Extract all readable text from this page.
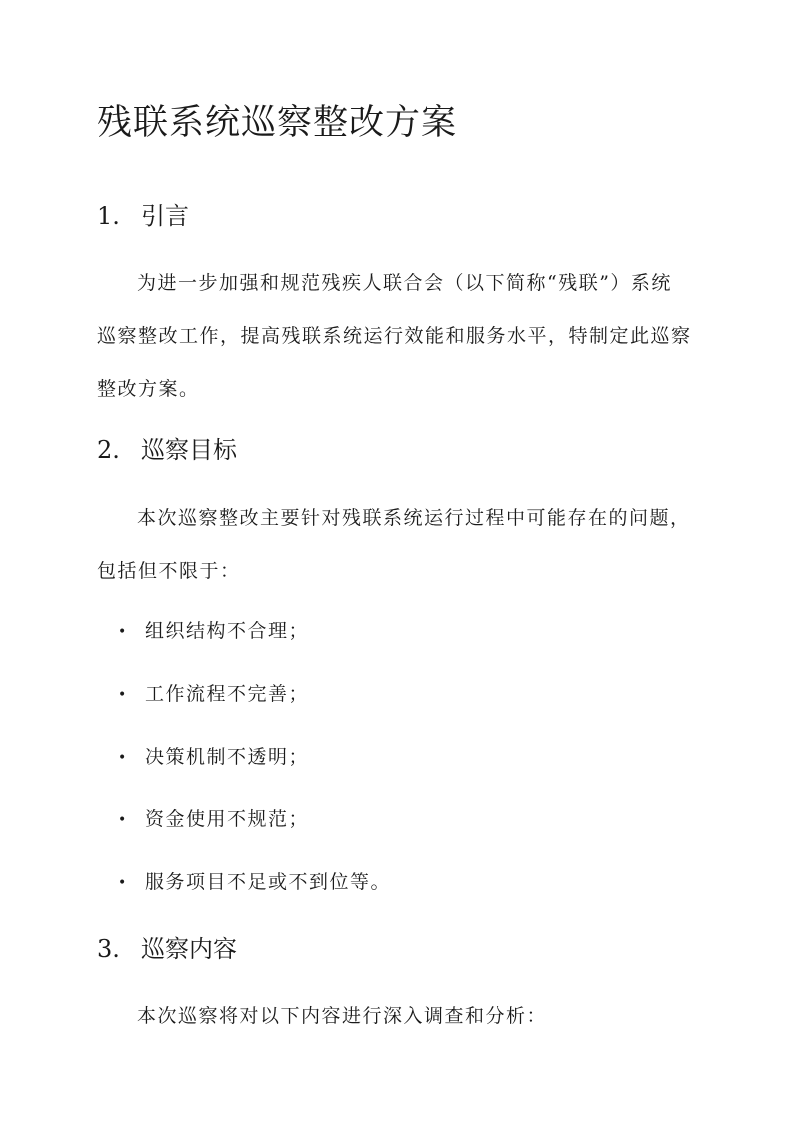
残联系统巡察整改方案
1. 引言

为进一步加强和规范残疾人联合会（以下简称“残联”）系统
巡察整改工作，提高残联系统运行效能和服务水平，特制定此巡察
整改方案。

2. 巡察目标

本次巡察整改主要针对残联系统运行过程中可能存在的问题，
包括但不限于：

• 组织结构不合理；

• 工作流程不完善；

• 决策机制不透明；

• 资金使用不规范；

• 服务项目不足或不到位等。

3. 巡察内容

本次巡察将对以下内容进行深入调查和分析：
